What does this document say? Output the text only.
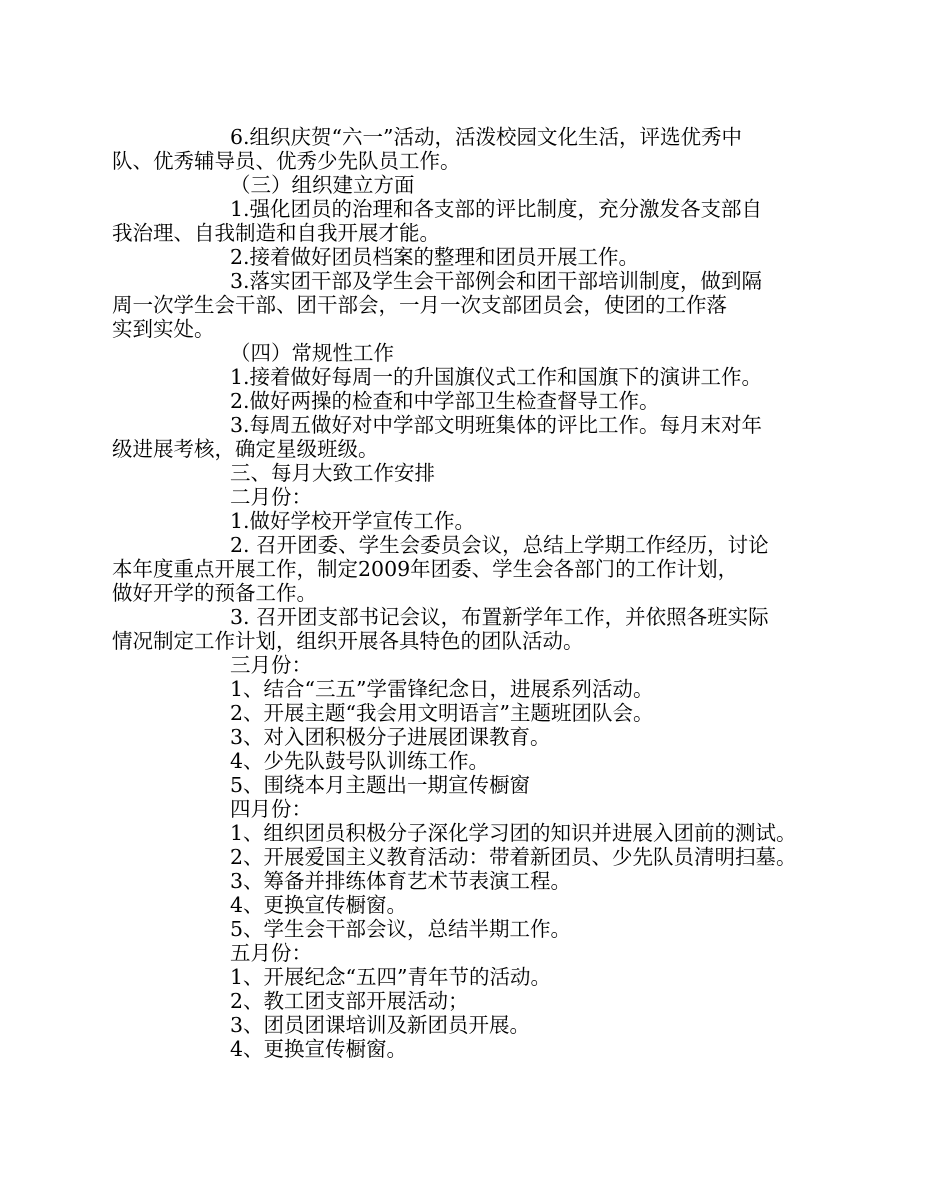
6.组织庆贺“六一”活动，活泼校园文化生活，评选优秀中
队、优秀辅导员、优秀少先队员工作。
（三）组织建立方面
1.强化团员的治理和各支部的评比制度，充分激发各支部自
我治理、自我制造和自我开展才能。
2.接着做好团员档案的整理和团员开展工作。
3.落实团干部及学生会干部例会和团干部培训制度，做到隔
周一次学生会干部、团干部会，一月一次支部团员会，使团的工作落
实到实处。
（四）常规性工作
1.接着做好每周一的升国旗仪式工作和国旗下的演讲工作。
2.做好两操的检查和中学部卫生检查督导工作。
3.每周五做好对中学部文明班集体的评比工作。每月末对年
级进展考核，确定星级班级。
三、每月大致工作安排
二月份：
1.做好学校开学宣传工作。
2. 召开团委、学生会委员会议，总结上学期工作经历，讨论
本年度重点开展工作，制定2009年团委、学生会各部门的工作计划，
做好开学的预备工作。
3. 召开团支部书记会议，布置新学年工作，并依照各班实际
情况制定工作计划，组织开展各具特色的团队活动。
三月份：
1、结合“三五”学雷锋纪念日，进展系列活动。
2、开展主题“我会用文明语言”主题班团队会。
3、对入团积极分子进展团课教育。
4、少先队鼓号队训练工作。
5、围绕本月主题出一期宣传橱窗
四月份：
1、组织团员积极分子深化学习团的知识并进展入团前的测试。
2、开展爱国主义教育活动：带着新团员、少先队员清明扫墓。
3、筹备并排练体育艺术节表演工程。
4、更换宣传橱窗。
5、学生会干部会议，总结半期工作。
五月份：
1、开展纪念“五四”青年节的活动。
2、教工团支部开展活动；
3、团员团课培训及新团员开展。
4、更换宣传橱窗。
